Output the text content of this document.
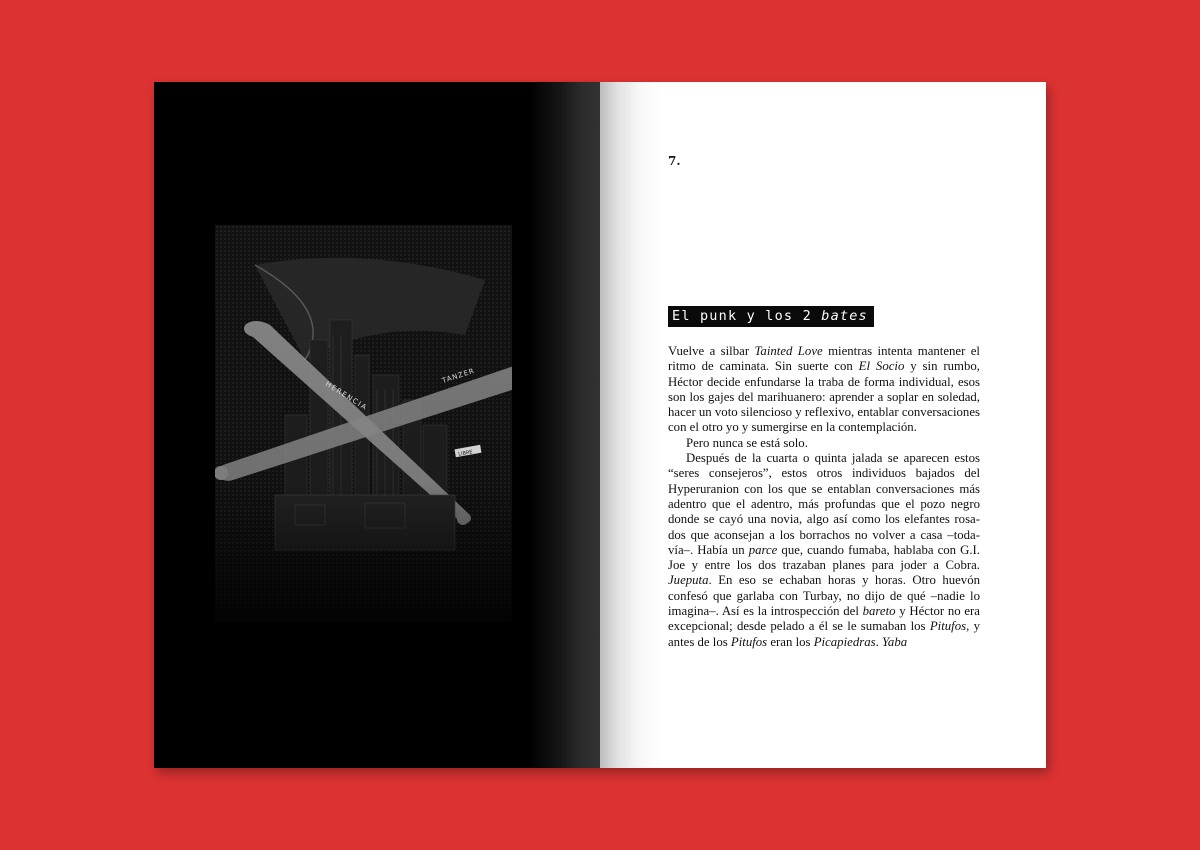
7.
El punk y los 2 bates

Vuelve a silbar Tainted Love mientras intenta mantener el ritmo de caminata. Sin suerte con El Socio y sin rumbo, Héctor decide enfundarse la traba de forma individual, esos son los gajes del marihuanero: aprender a soplar en soledad, hacer un voto silencioso y reflexivo, entablar conversaciones con el otro yo y sumergirse en la contemplación.

Pero nunca se está solo.

Después de la cuarta o quinta jalada se aparecen estos “seres consejeros”, estos otros individuos bajados del Hyperuranion con los que se entablan conversaciones más adentro que el adentro, más profundas que el pozo negro donde se cayó una novia, algo así como los elefantes rosados que aconsejan a los borrachos no volver a casa –todavía–. Había un parce que, cuando fumaba, hablaba con G.I. Joe y entre los dos trazaban planes para joder a Cobra. Jueputa. En eso se echaban horas y horas. Otro huevón confesó que garlaba con Turbay, no dijo de qué –nadie lo imagina–. Así es la introspección del bareto y Héctor no era excepcional; desde pelado a él se le sumaban los Pitufos, y antes de los Pitufos eran los Picapiedras. Yaba
